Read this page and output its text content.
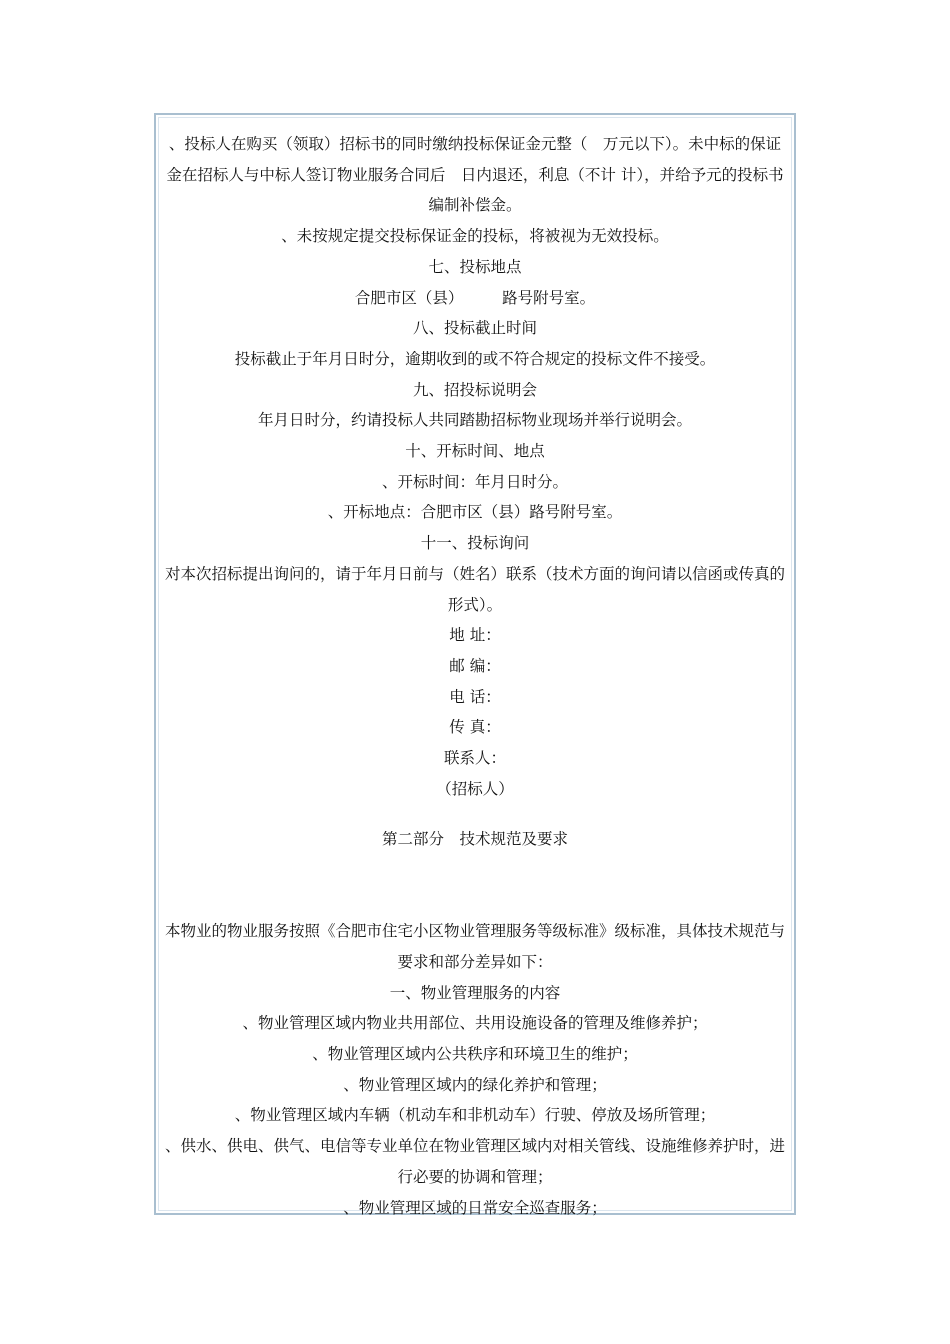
、投标人在购买（领取）招标书的同时缴纳投标保证金元整（　万元以下）。未中标的保证金在招标人与中标人签订物业服务合同后　日内退还，利息（不计 计），并给予元的投标书编制补偿金。

、未按规定提交投标保证金的投标，将被视为无效投标。

七、投标地点

合肥市区（县）　　　路号附号室。

八、投标截止时间

投标截止于年月日时分，逾期收到的或不符合规定的投标文件不接受。

九、招投标说明会

年月日时分，约请投标人共同踏勘招标物业现场并举行说明会。

十、开标时间、地点

、开标时间：年月日时分。

、开标地点：合肥市区（县）路号附号室。

十一、投标询问

对本次招标提出询问的，请于年月日前与（姓名）联系（技术方面的询问请以信函或传真的形式）。

地 址：

邮 编：

电 话：

传 真：

联系人：

（招标人）

第二部分　技术规范及要求

本物业的物业服务按照《合肥市住宅小区物业管理服务等级标准》级标准，具体技术规范与要求和部分差异如下：

一、物业管理服务的内容

、物业管理区域内物业共用部位、共用设施设备的管理及维修养护；

、物业管理区域内公共秩序和环境卫生的维护；

、物业管理区域内的绿化养护和管理；

、物业管理区域内车辆（机动车和非机动车）行驶、停放及场所管理；

、供水、供电、供气、电信等专业单位在物业管理区域内对相关管线、设施维修养护时，进行必要的协调和管理；

、物业管理区域的日常安全巡查服务；
